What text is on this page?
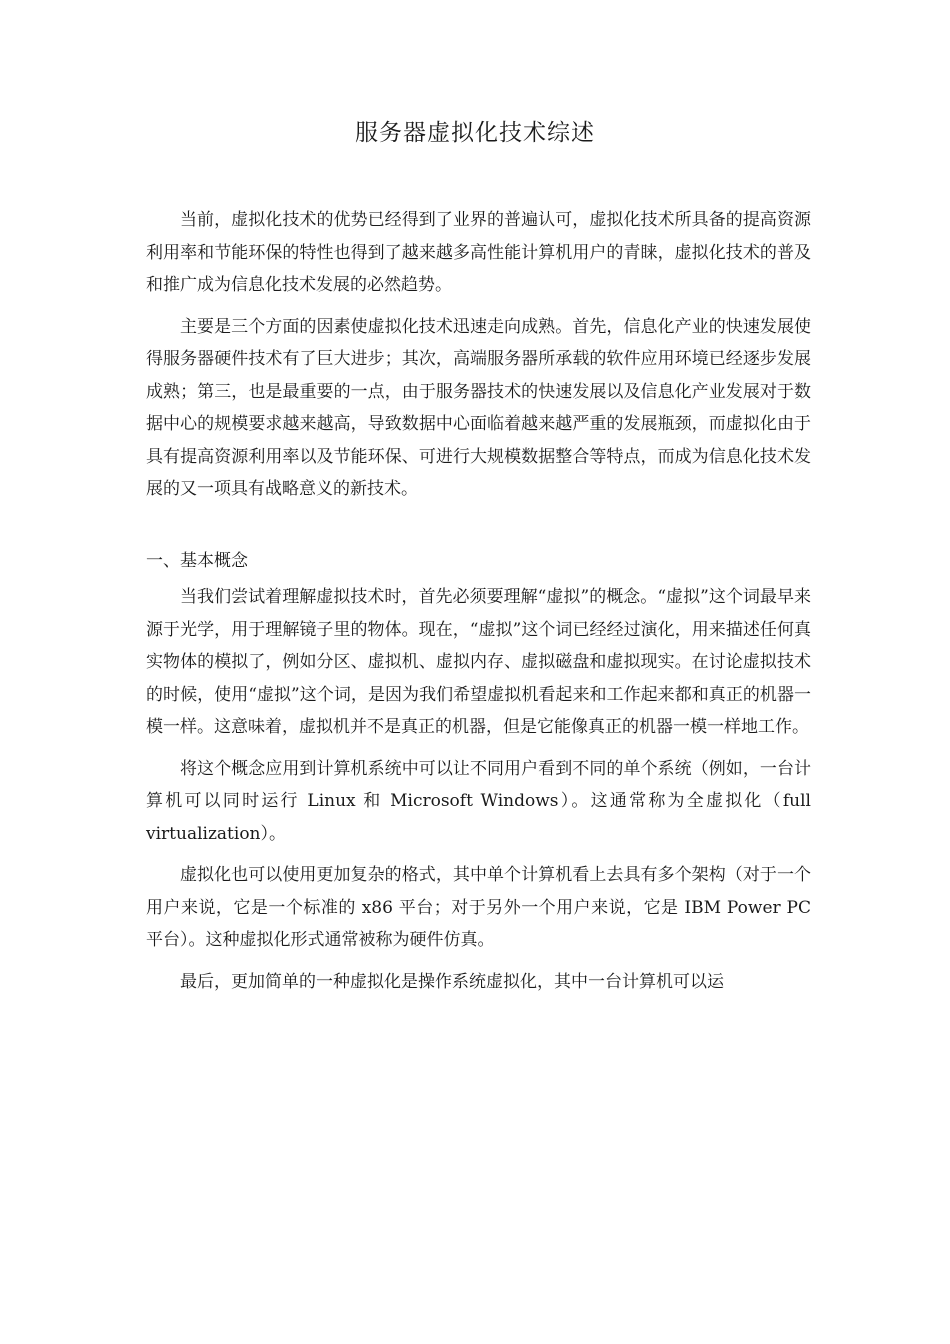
服务器虚拟化技术综述

当前，虚拟化技术的优势已经得到了业界的普遍认可，虚拟化技术所具备的提高资源利用率和节能环保的特性也得到了越来越多高性能计算机用户的青睐，虚拟化技术的普及和推广成为信息化技术发展的必然趋势。

主要是三个方面的因素使虚拟化技术迅速走向成熟。首先，信息化产业的快速发展使得服务器硬件技术有了巨大进步；其次，高端服务器所承载的软件应用环境已经逐步发展成熟；第三，也是最重要的一点，由于服务器技术的快速发展以及信息化产业发展对于数据中心的规模要求越来越高，导致数据中心面临着越来越严重的发展瓶颈，而虚拟化由于具有提高资源利用率以及节能环保、可进行大规模数据整合等特点，而成为信息化技术发展的又一项具有战略意义的新技术。

一、基本概念

当我们尝试着理解虚拟技术时，首先必须要理解“虚拟”的概念。“虚拟”这个词最早来源于光学，用于理解镜子里的物体。现在，“虚拟”这个词已经经过演化，用来描述任何真实物体的模拟了，例如分区、虚拟机、虚拟内存、虚拟磁盘和虚拟现实。在讨论虚拟技术的时候，使用“虚拟”这个词，是因为我们希望虚拟机看起来和工作起来都和真正的机器一模一样。这意味着，虚拟机并不是真正的机器，但是它能像真正的机器一模一样地工作。

将这个概念应用到计算机系统中可以让不同用户看到不同的单个系统（例如，一台计算机可以同时运行 Linux 和 Microsoft Windows）。这通常称为全虚拟化（full virtualization）。

虚拟化也可以使用更加复杂的格式，其中单个计算机看上去具有多个架构（对于一个用户来说，它是一个标准的 x86 平台；对于另外一个用户来说，它是 IBM Power PC 平台）。这种虚拟化形式通常被称为硬件仿真。

最后，更加简单的一种虚拟化是操作系统虚拟化，其中一台计算机可以运
